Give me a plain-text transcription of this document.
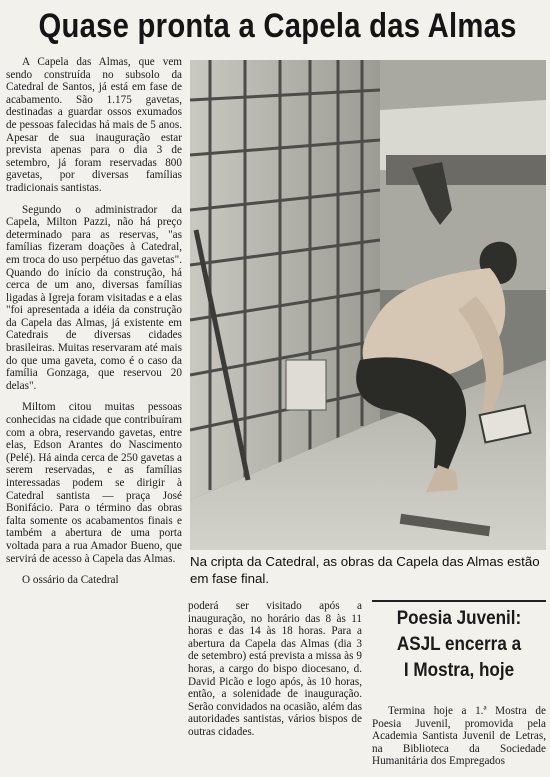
Quase pronta a Capela das Almas

A Capela das Almas, que vem sendo construída no subsolo da Catedral de Santos, já está em fase de acabamento. São 1.175 gavetas, destinadas a guardar ossos exumados de pessoas falecidas há mais de 5 anos. Apesar de sua inauguração estar prevista apenas para o dia 3 de setembro, já foram reservadas 800 gavetas, por diversas famílias tradicionais santistas.

Segundo o administrador da Capela, Milton Pazzi, não há preço determinado para as reservas, "as famílias fizeram doações à Catedral, em troca do uso perpétuo das gavetas". Quando do início da construção, há cerca de um ano, diversas famílias ligadas à Igreja foram visitadas e a elas "foi apresentada a idéia da construção da Capela das Almas, já existente em Catedrais de diversas cidades brasileiras. Muitas reservaram até mais do que uma gaveta, como é o caso da família Gonzaga, que reservou 20 delas".

Miltom citou muitas pessoas conhecidas na cidade que contribuíram com a obra, reservando gavetas, entre elas, Edson Arantes do Nascimento (Pelé). Há ainda cerca de 250 gavetas a serem reservadas, e as famílias interessadas podem se dirigir à Catedral santista — praça José Bonifácio. Para o término das obras falta somente os acabamentos finais e também a abertura de uma porta voltada para a rua Amador Bueno, que servirá de acesso à Capela das Almas.

O ossário da Catedral

Na cripta da Catedral, as obras da Capela das Almas estão em fase final.

poderá ser visitado após a inauguração, no horário das 8 às 11 horas e das 14 às 18 horas. Para a abertura da Capela das Almas (dia 3 de setembro) está prevista a missa às 9 horas, a cargo do bispo diocesano, d. David Picão e logo após, às 10 horas, então, a solenidade de inauguração. Serão convidados na ocasião, além das autoridades santistas, vários bispos de outras cidades.

Poesia Juvenil:
ASJL encerra a
I Mostra, hoje

Termina hoje a 1.ª Mostra de Poesia Juvenil, promovida pela Academia Santista Juvenil de Letras, na Biblioteca da Sociedade Humanitária dos Empregados
